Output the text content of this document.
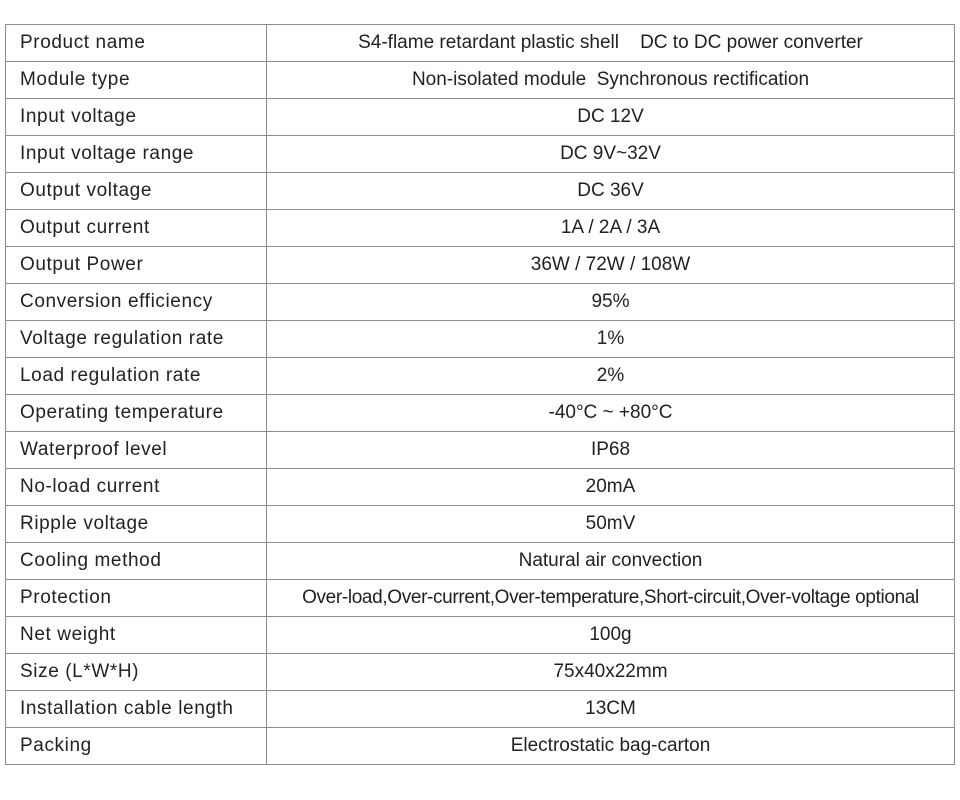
Product name	S4-flame retardant plastic shell    DC to DC power converter
Module type	Non-isolated module  Synchronous rectification
Input voltage	DC 12V
Input voltage range	DC 9V~32V
Output voltage	DC 36V
Output current	1A / 2A / 3A
Output Power	36W / 72W / 108W
Conversion efficiency	95%
Voltage regulation rate	1%
Load regulation rate	2%
Operating temperature	-40°C ~ +80°C
Waterproof level	IP68
No-load current	20mA
Ripple voltage	50mV
Cooling method	Natural air convection
Protection	Over-load,Over-current,Over-temperature,Short-circuit,Over-voltage optional
Net weight	100g
Size (L*W*H)	75x40x22mm
Installation cable length	13CM
Packing	Electrostatic bag-carton
